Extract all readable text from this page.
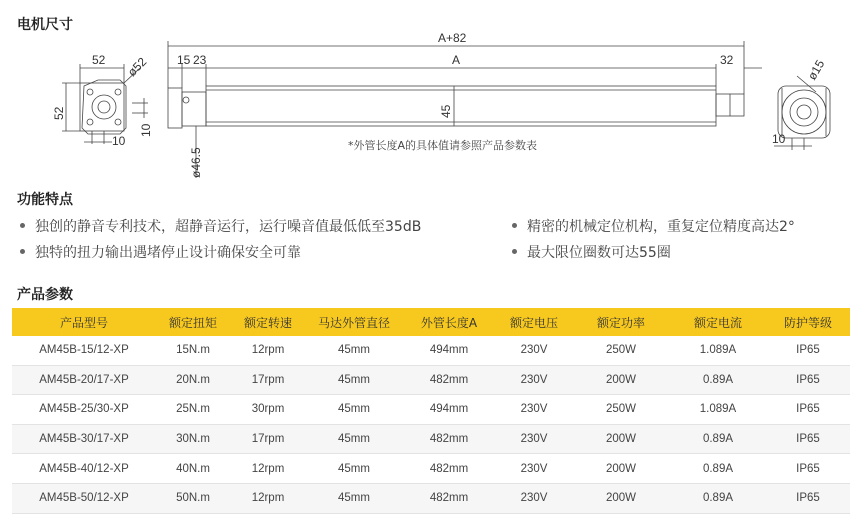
电机尺寸
52
52
ø52
10
10
A+82
A
15 23	32
45
ø46.5
*外管长度A的具体值请参照产品参数表
ø15
10
功能特点
独创的静音专利技术，超静音运行，运行噪音值最低低至35dB	精密的机械定位机构，重复定位精度高达2°
独特的扭力输出遇堵停止设计确保安全可靠	最大限位圈数可达55圈
产品参数
产品型号	额定扭矩	额定转速	马达外管直径	外管长度A	额定电压	额定功率	额定电流	防护等级
AM45B-15/12-XP	15N.m	12rpm	45mm	494mm	230V	250W	1.089A	IP65
AM45B-20/17-XP	20N.m	17rpm	45mm	482mm	230V	200W	0.89A	IP65
AM45B-25/30-XP	25N.m	30rpm	45mm	494mm	230V	250W	1.089A	IP65
AM45B-30/17-XP	30N.m	17rpm	45mm	482mm	230V	200W	0.89A	IP65
AM45B-40/12-XP	40N.m	12rpm	45mm	482mm	230V	200W	0.89A	IP65
AM45B-50/12-XP	50N.m	12rpm	45mm	482mm	230V	200W	0.89A	IP65
